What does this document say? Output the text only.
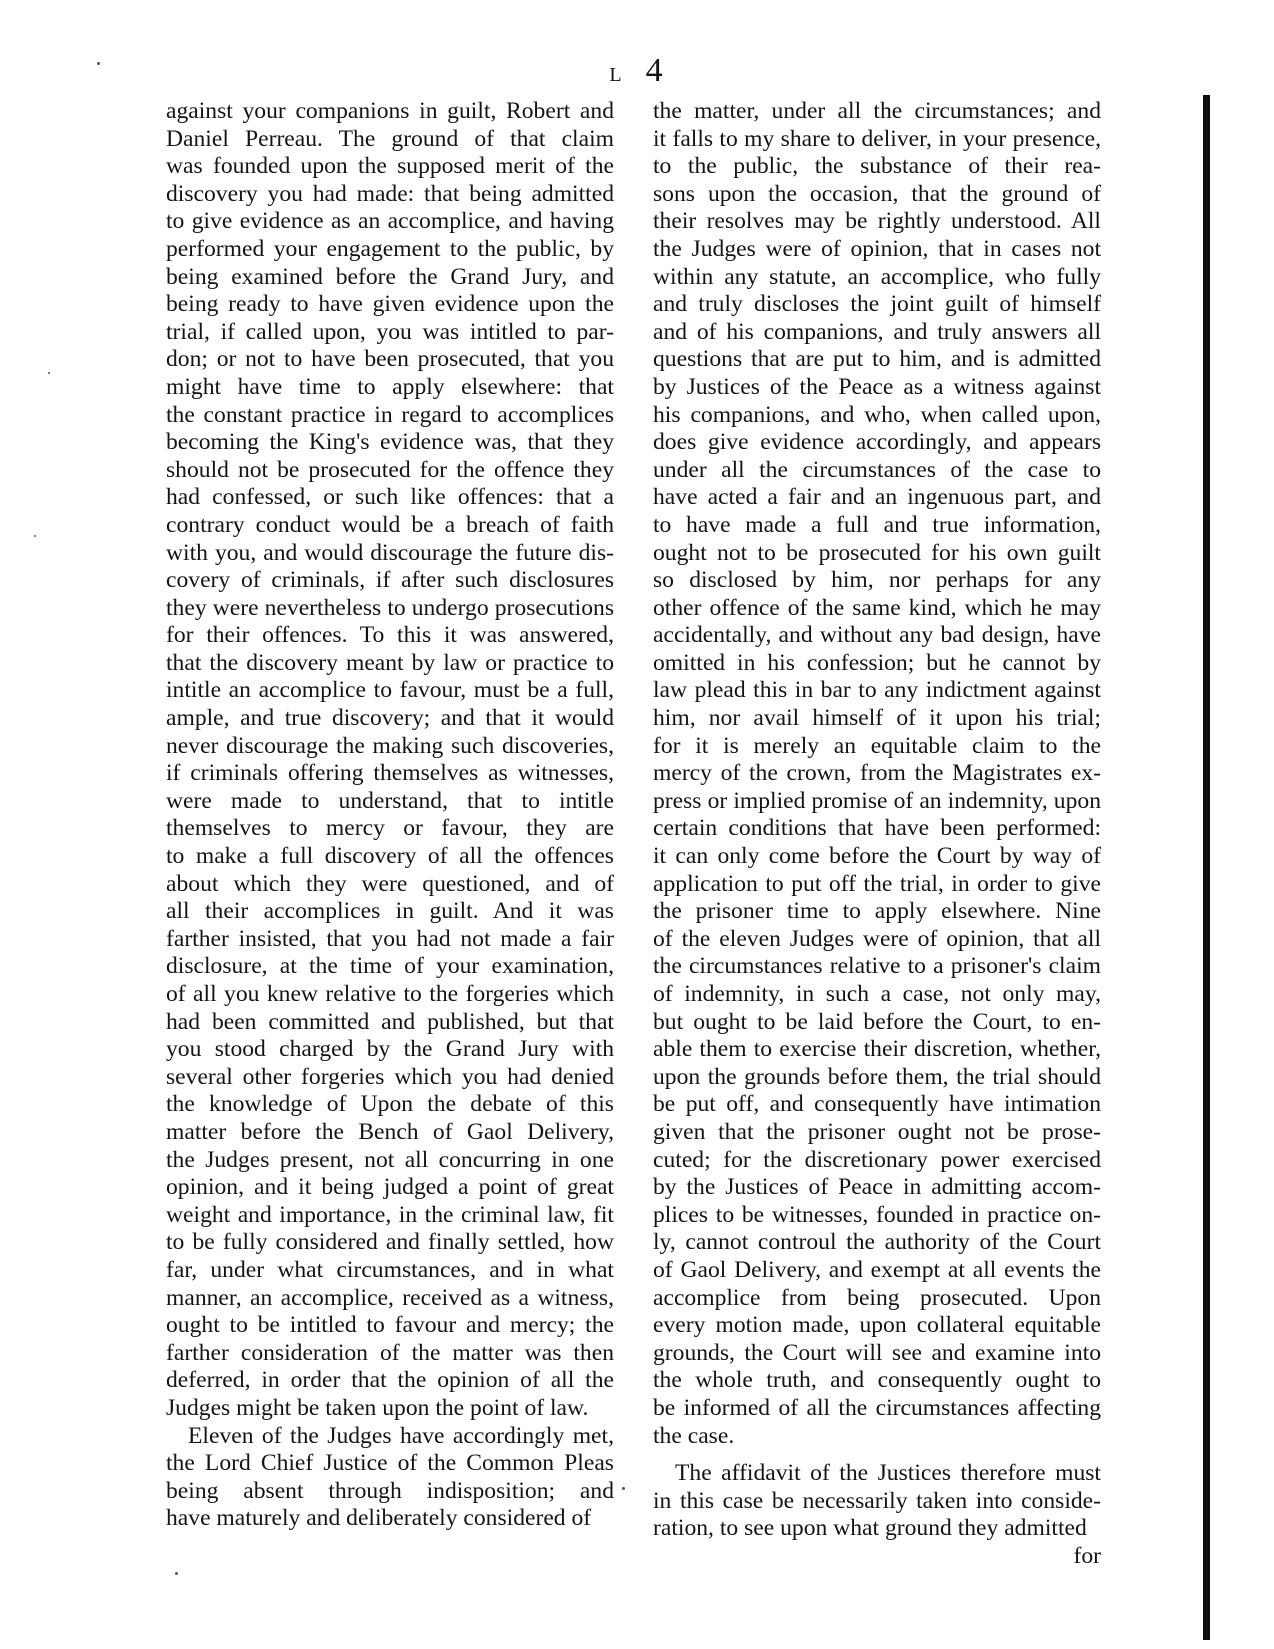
L 4
against your companions in guilt, Robert and
Daniel Perreau. The ground of that claim
was founded upon the supposed merit of the
discovery you had made: that being admitted
to give evidence as an accomplice, and having
performed your engagement to the public, by
being examined before the Grand Jury, and
being ready to have given evidence upon the
trial, if called upon, you was intitled to par-
don; or not to have been prosecuted, that you
might have time to apply elsewhere: that
the constant practice in regard to accomplices
becoming the King's evidence was, that they
should not be prosecuted for the offence they
had confessed, or such like offences: that a
contrary conduct would be a breach of faith
with you, and would discourage the future dis-
covery of criminals, if after such disclosures
they were nevertheless to undergo prosecutions
for their offences. To this it was answered,
that the discovery meant by law or practice to
intitle an accomplice to favour, must be a full,
ample, and true discovery; and that it would
never discourage the making such discoveries,
if criminals offering themselves as witnesses,
were made to understand, that to intitle
themselves to mercy or favour, they are
to make a full discovery of all the offences
about which they were questioned, and of
all their accomplices in guilt. And it was
farther insisted, that you had not made a fair
disclosure, at the time of your examination,
of all you knew relative to the forgeries which
had been committed and published, but that
you stood charged by the Grand Jury with
several other forgeries which you had denied
the knowledge of Upon the debate of this
matter before the Bench of Gaol Delivery,
the Judges present, not all concurring in one
opinion, and it being judged a point of great
weight and importance, in the criminal law, fit
to be fully considered and finally settled, how
far, under what circumstances, and in what
manner, an accomplice, received as a witness,
ought to be intitled to favour and mercy; the
farther consideration of the matter was then
deferred, in order that the opinion of all the
Judges might be taken upon the point of law.
Eleven of the Judges have accordingly met,
the Lord Chief Justice of the Common Pleas
being absent through indisposition; and
have maturely and deliberately considered of
the matter, under all the circumstances; and
it falls to my share to deliver, in your presence,
to the public, the substance of their rea-
sons upon the occasion, that the ground of
their resolves may be rightly understood. All
the Judges were of opinion, that in cases not
within any statute, an accomplice, who fully
and truly discloses the joint guilt of himself
and of his companions, and truly answers all
questions that are put to him, and is admitted
by Justices of the Peace as a witness against
his companions, and who, when called upon,
does give evidence accordingly, and appears
under all the circumstances of the case to
have acted a fair and an ingenuous part, and
to have made a full and true information,
ought not to be prosecuted for his own guilt
so disclosed by him, nor perhaps for any
other offence of the same kind, which he may
accidentally, and without any bad design, have
omitted in his confession; but he cannot by
law plead this in bar to any indictment against
him, nor avail himself of it upon his trial;
for it is merely an equitable claim to the
mercy of the crown, from the Magistrates ex-
press or implied promise of an indemnity, upon
certain conditions that have been performed:
it can only come before the Court by way of
application to put off the trial, in order to give
the prisoner time to apply elsewhere. Nine
of the eleven Judges were of opinion, that all
the circumstances relative to a prisoner's claim
of indemnity, in such a case, not only may,
but ought to be laid before the Court, to en-
able them to exercise their discretion, whether,
upon the grounds before them, the trial should
be put off, and consequently have intimation
given that the prisoner ought not be prose-
cuted; for the discretionary power exercised
by the Justices of Peace in admitting accom-
plices to be witnesses, founded in practice on-
ly, cannot controul the authority of the Court
of Gaol Delivery, and exempt at all events the
accomplice from being prosecuted. Upon
every motion made, upon collateral equitable
grounds, the Court will see and examine into
the whole truth, and consequently ought to
be informed of all the circumstances affecting
the case.
The affidavit of the Justices therefore must
in this case be necessarily taken into conside-
ration, to see upon what ground they admitted
for
